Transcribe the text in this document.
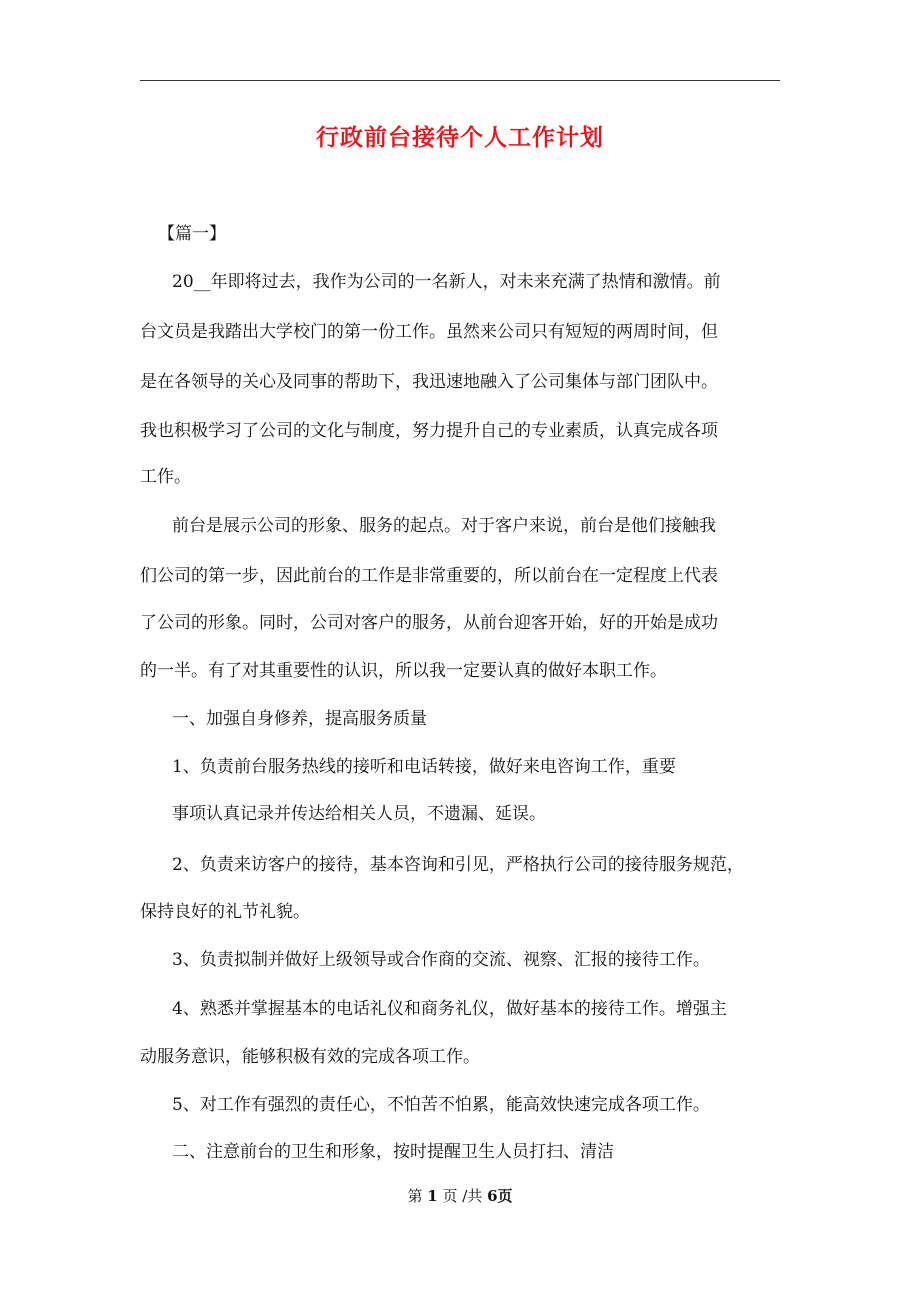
行政前台接待个人工作计划

【篇一】

20__年即将过去，我作为公司的一名新人，对未来充满了热情和激情。前

台文员是我踏出大学校门的第一份工作。虽然来公司只有短短的两周时间，但

是在各领导的关心及同事的帮助下，我迅速地融入了公司集体与部门团队中。

我也积极学习了公司的文化与制度，努力提升自己的专业素质，认真完成各项

工作。

前台是展示公司的形象、服务的起点。对于客户来说，前台是他们接触我

们公司的第一步，因此前台的工作是非常重要的，所以前台在一定程度上代表

了公司的形象。同时，公司对客户的服务，从前台迎客开始，好的开始是成功

的一半。有了对其重要性的认识，所以我一定要认真的做好本职工作。

一、加强自身修养，提高服务质量

1、负责前台服务热线的接听和电话转接，做好来电咨询工作，重要

事项认真记录并传达给相关人员，不遗漏、延误。

2、负责来访客户的接待，基本咨询和引见，严格执行公司的接待服务规范，

保持良好的礼节礼貌。

3、负责拟制并做好上级领导或合作商的交流、视察、汇报的接待工作。

4、熟悉并掌握基本的电话礼仪和商务礼仪，做好基本的接待工作。增强主

动服务意识，能够积极有效的完成各项工作。

5、对工作有强烈的责任心，不怕苦不怕累，能高效快速完成各项工作。

二、注意前台的卫生和形象，按时提醒卫生人员打扫、清洁

第 1 页 /共 6页
